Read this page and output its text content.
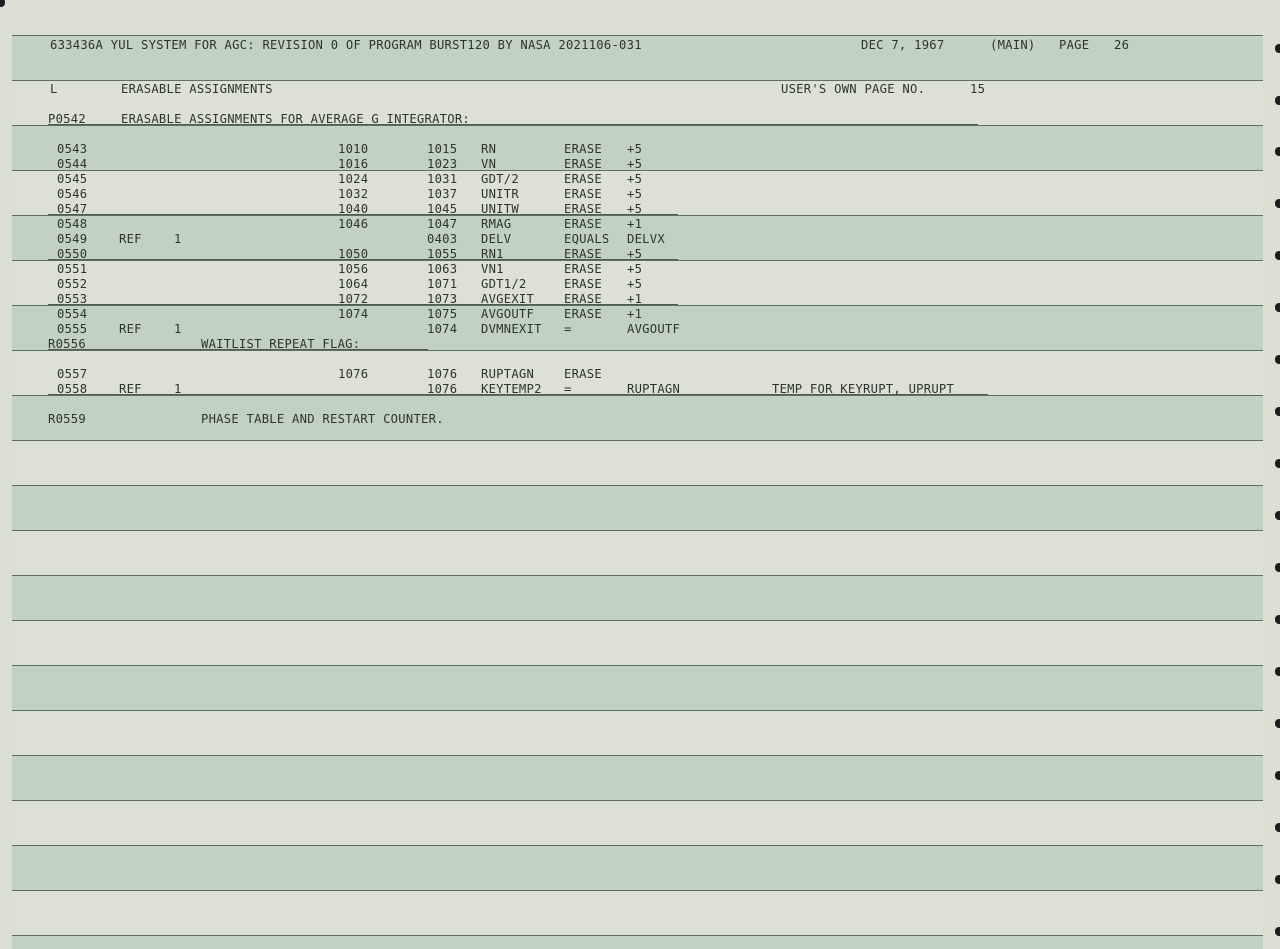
633436A YUL SYSTEM FOR AGC: REVISION 0 OF PROGRAM BURST120 BY NASA 2021106-031	DEC 7, 1967	(MAIN) PAGE 26
L	ERASABLE ASSIGNMENTS	USER'S OWN PAGE NO.	15
P0542	ERASABLE ASSIGNMENTS FOR AVERAGE G INTEGRATOR:
0543	1010	1015 RN	ERASE +5
0544	1016	1023 VN	ERASE +5
0545	1024	1031 GDT/2	ERASE +5
0546	1032	1037 UNITR	ERASE +5
0547	1040	1045 UNITW	ERASE +5
0548	1046	1047 RMAG	ERASE +1
0549	REF	1	0403 DELV	EQUALS DELVX
0550	1050	1055 RN1	ERASE +5
0551	1056	1063 VN1	ERASE +5
0552	1064	1071 GDT1/2	ERASE +5
0553	1072	1073 AVGEXIT ERASE +1
0554	1074	1075 AVGOUTF ERASE +1
0555	REF	1	1074 DVMNEXIT =	AVGOUTF
R0556	WAITLIST REPEAT FLAG:
0557	1076	1076 RUPTAGN ERASE
0558	REF	1	1076 KEYTEMP2 =	RUPTAGN	TEMP FOR KEYRUPT, UPRUPT
R0559	PHASE TABLE AND RESTART COUNTER.
